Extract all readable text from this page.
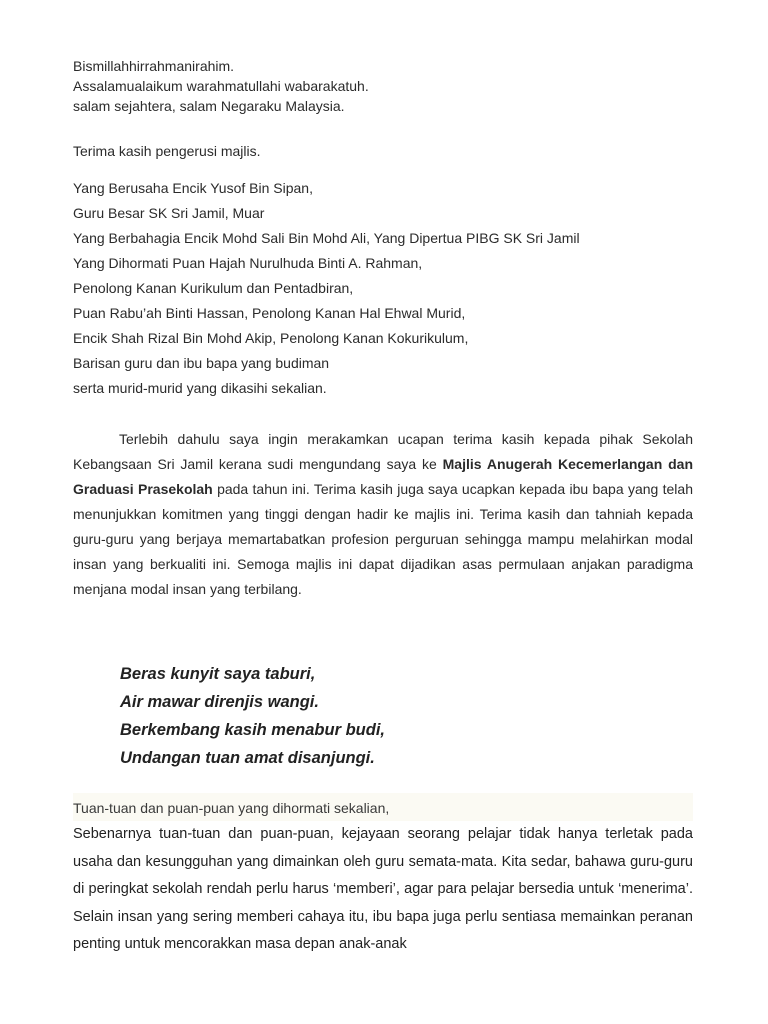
Bismillahhirrahmanirahim.
Assalamualaikum warahmatullahi wabarakatuh.
salam sejahtera, salam Negaraku Malaysia.
Terima kasih pengerusi majlis.
Yang Berusaha Encik Yusof Bin Sipan,
Guru Besar SK Sri Jamil, Muar
Yang Berbahagia Encik Mohd Sali Bin Mohd Ali, Yang Dipertua PIBG SK Sri Jamil
Yang Dihormati Puan Hajah Nurulhuda Binti A. Rahman,
Penolong Kanan Kurikulum dan Pentadbiran,
Puan Rabu’ah Binti Hassan, Penolong Kanan Hal Ehwal Murid,
Encik Shah Rizal Bin Mohd Akip, Penolong Kanan Kokurikulum,
Barisan guru dan ibu bapa yang budiman
serta murid-murid yang dikasihi sekalian.
Terlebih dahulu saya ingin merakamkan ucapan terima kasih kepada pihak Sekolah Kebangsaan Sri Jamil kerana sudi mengundang saya ke Majlis Anugerah Kecemerlangan dan Graduasi Prasekolah pada tahun ini. Terima kasih juga saya ucapkan kepada ibu bapa yang telah menunjukkan komitmen yang tinggi dengan hadir ke majlis ini. Terima kasih dan tahniah kepada guru-guru yang berjaya memartabatkan profesion perguruan sehingga mampu melahirkan modal insan yang berkualiti ini. Semoga majlis ini dapat dijadikan asas permulaan anjakan paradigma menjana modal insan yang terbilang.
Beras kunyit saya taburi,
Air mawar direnjis wangi.
Berkembang kasih menabur budi,
Undangan tuan amat disanjungi.
Tuan-tuan dan puan-puan yang dihormati sekalian,
Sebenarnya tuan-tuan dan puan-puan, kejayaan seorang pelajar tidak hanya terletak pada usaha dan kesungguhan yang dimainkan oleh guru semata-mata. Kita sedar, bahawa guru-guru di peringkat sekolah rendah perlu harus ‘memberi’, agar para pelajar bersedia untuk ‘menerima’. Selain insan yang sering memberi cahaya itu, ibu bapa juga perlu sentiasa memainkan peranan penting untuk mencorakkan masa depan anak-anak
